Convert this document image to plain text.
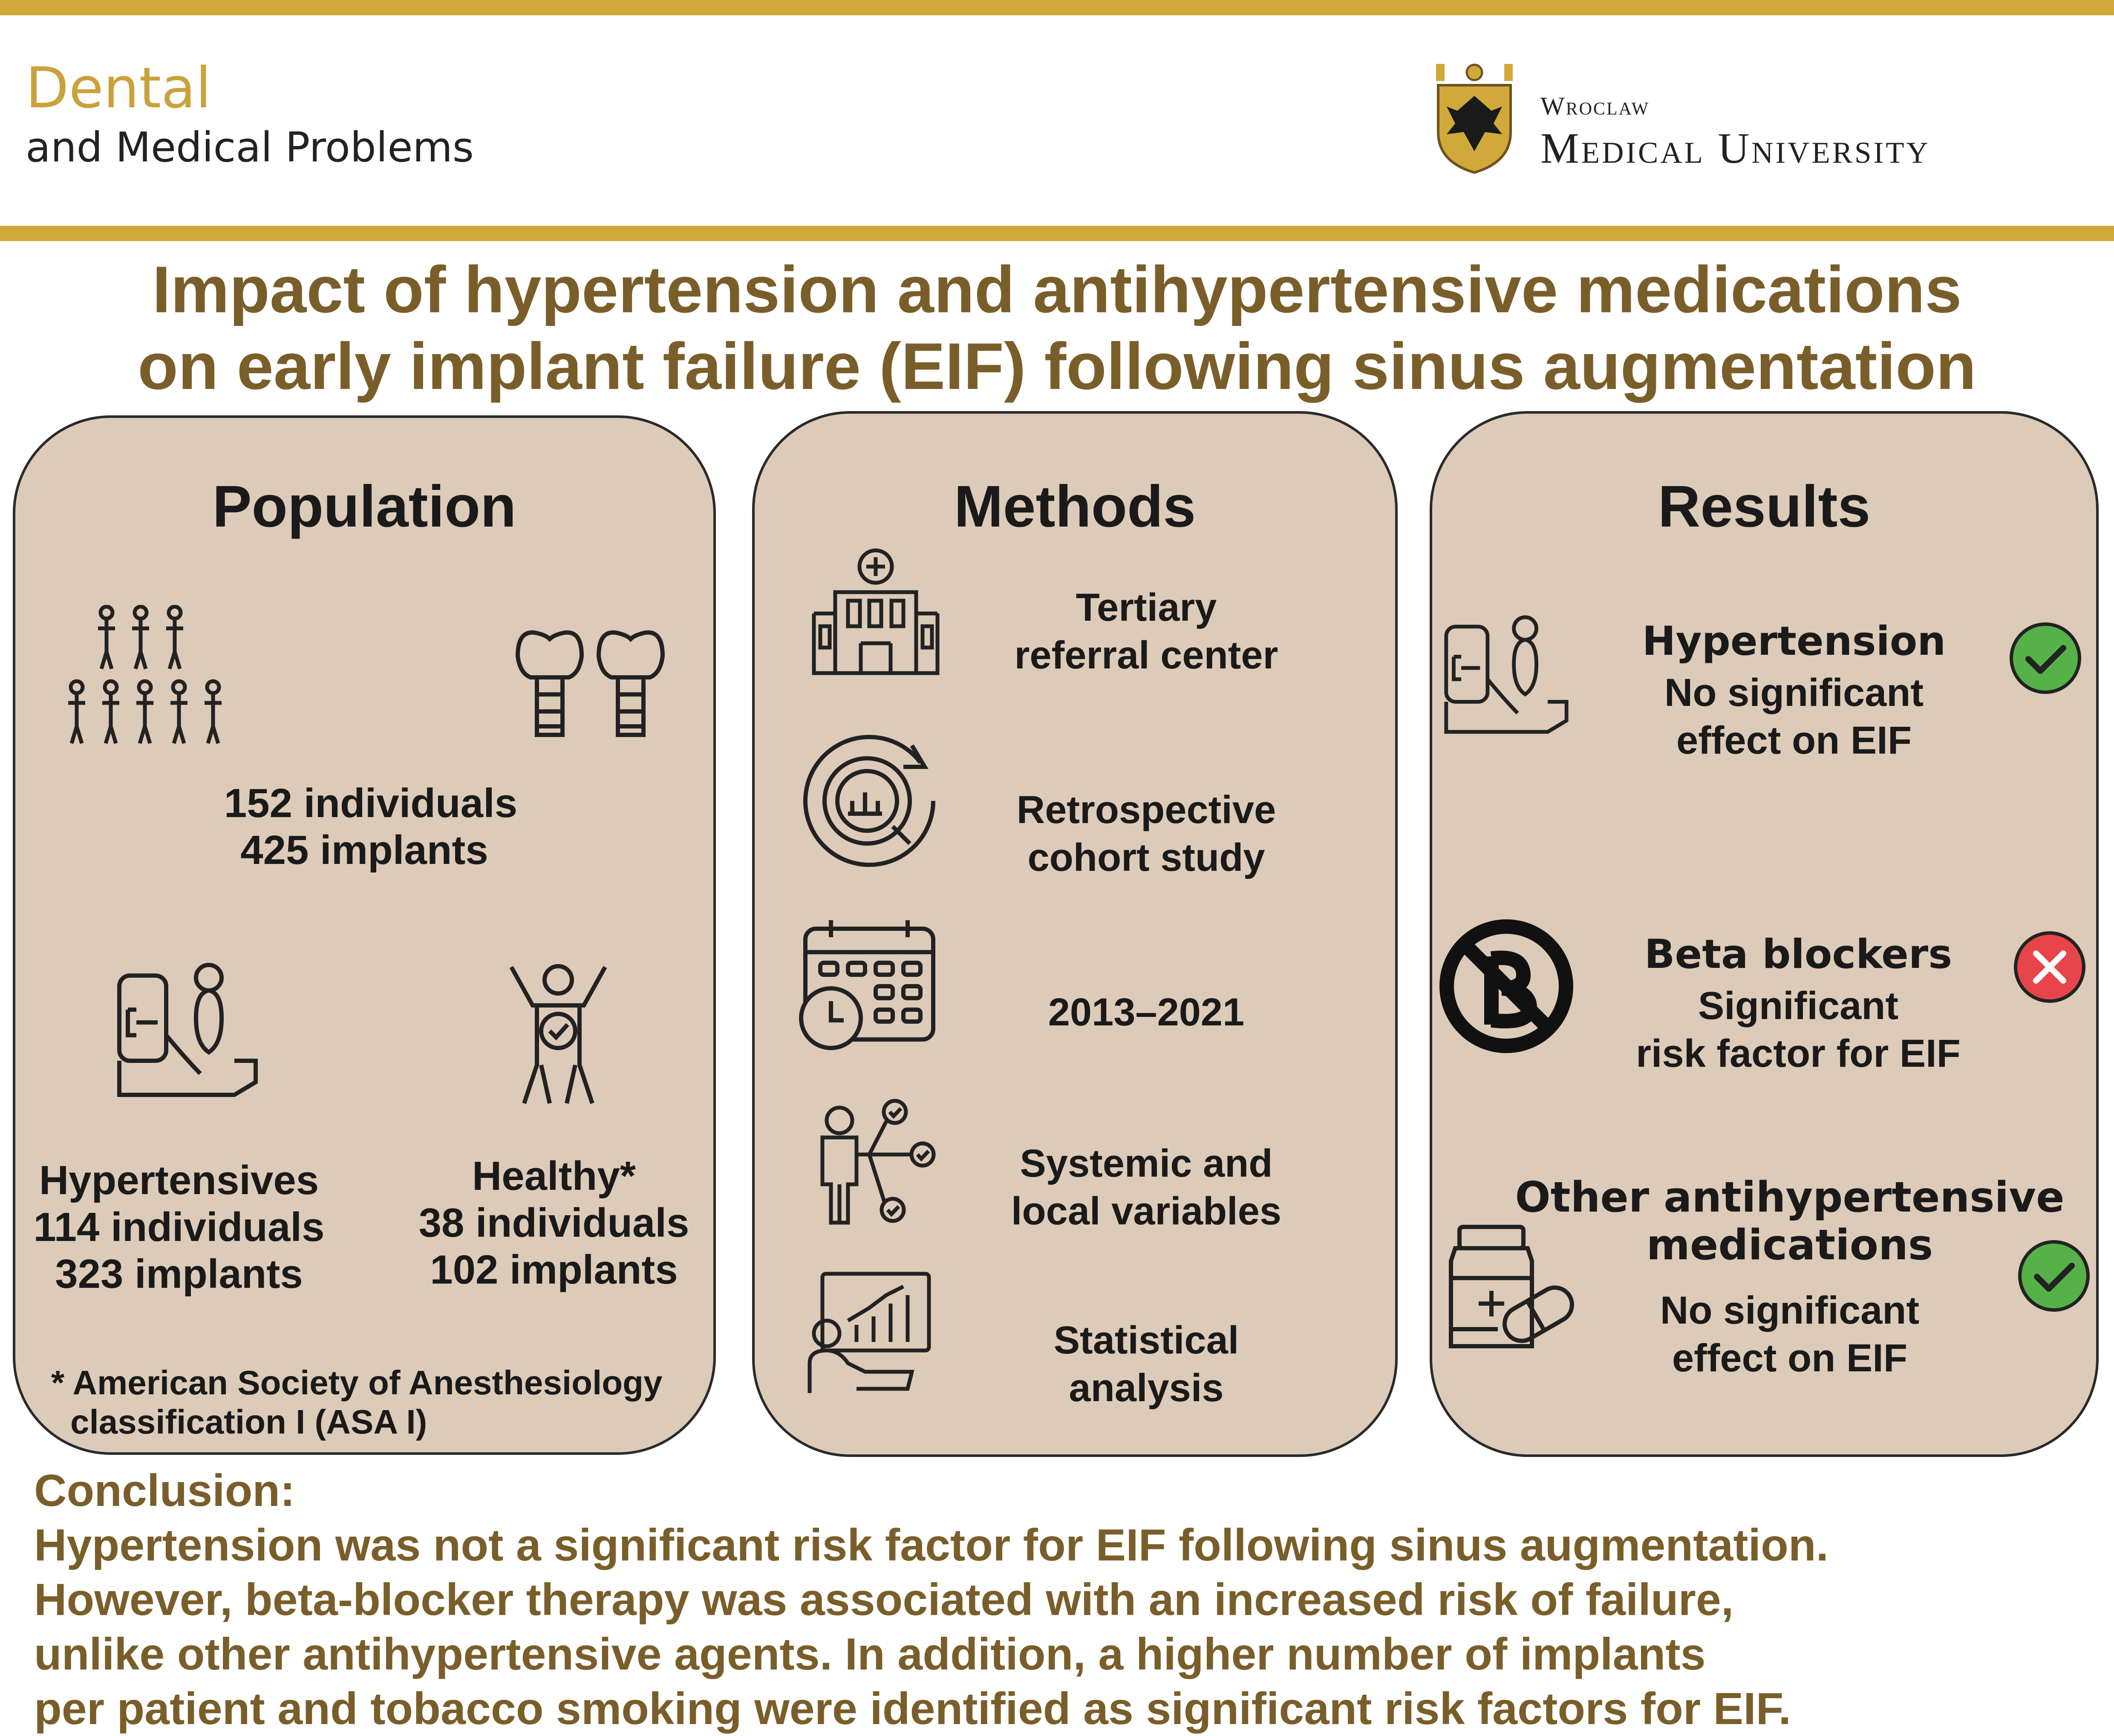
Dental
and Medical Problems
Wroclaw
Medical University
Impact of hypertension and antihypertensive medications
on early implant failure (EIF) following sinus augmentation
Population
152 individuals
425 implants
Hypertensives
114 individuals
323 implants
Healthy*
38 individuals
102 implants
* American Society of Anesthesiology
classification I (ASA I)
Methods
Tertiary
referral center
Retrospective
cohort study
2013–2021
Systemic and
local variables
Statistical
analysis
Results
Hypertension
No significant
effect on EIF
Beta blockers
Significant
risk factor for EIF
Other antihypertensive
medications
No significant
effect on EIF
Conclusion:
Hypertension was not a significant risk factor for EIF following sinus augmentation.
However, beta-blocker therapy was associated with an increased risk of failure,
unlike other antihypertensive agents. In addition, a higher number of implants
per patient and tobacco smoking were identified as significant risk factors for EIF.
